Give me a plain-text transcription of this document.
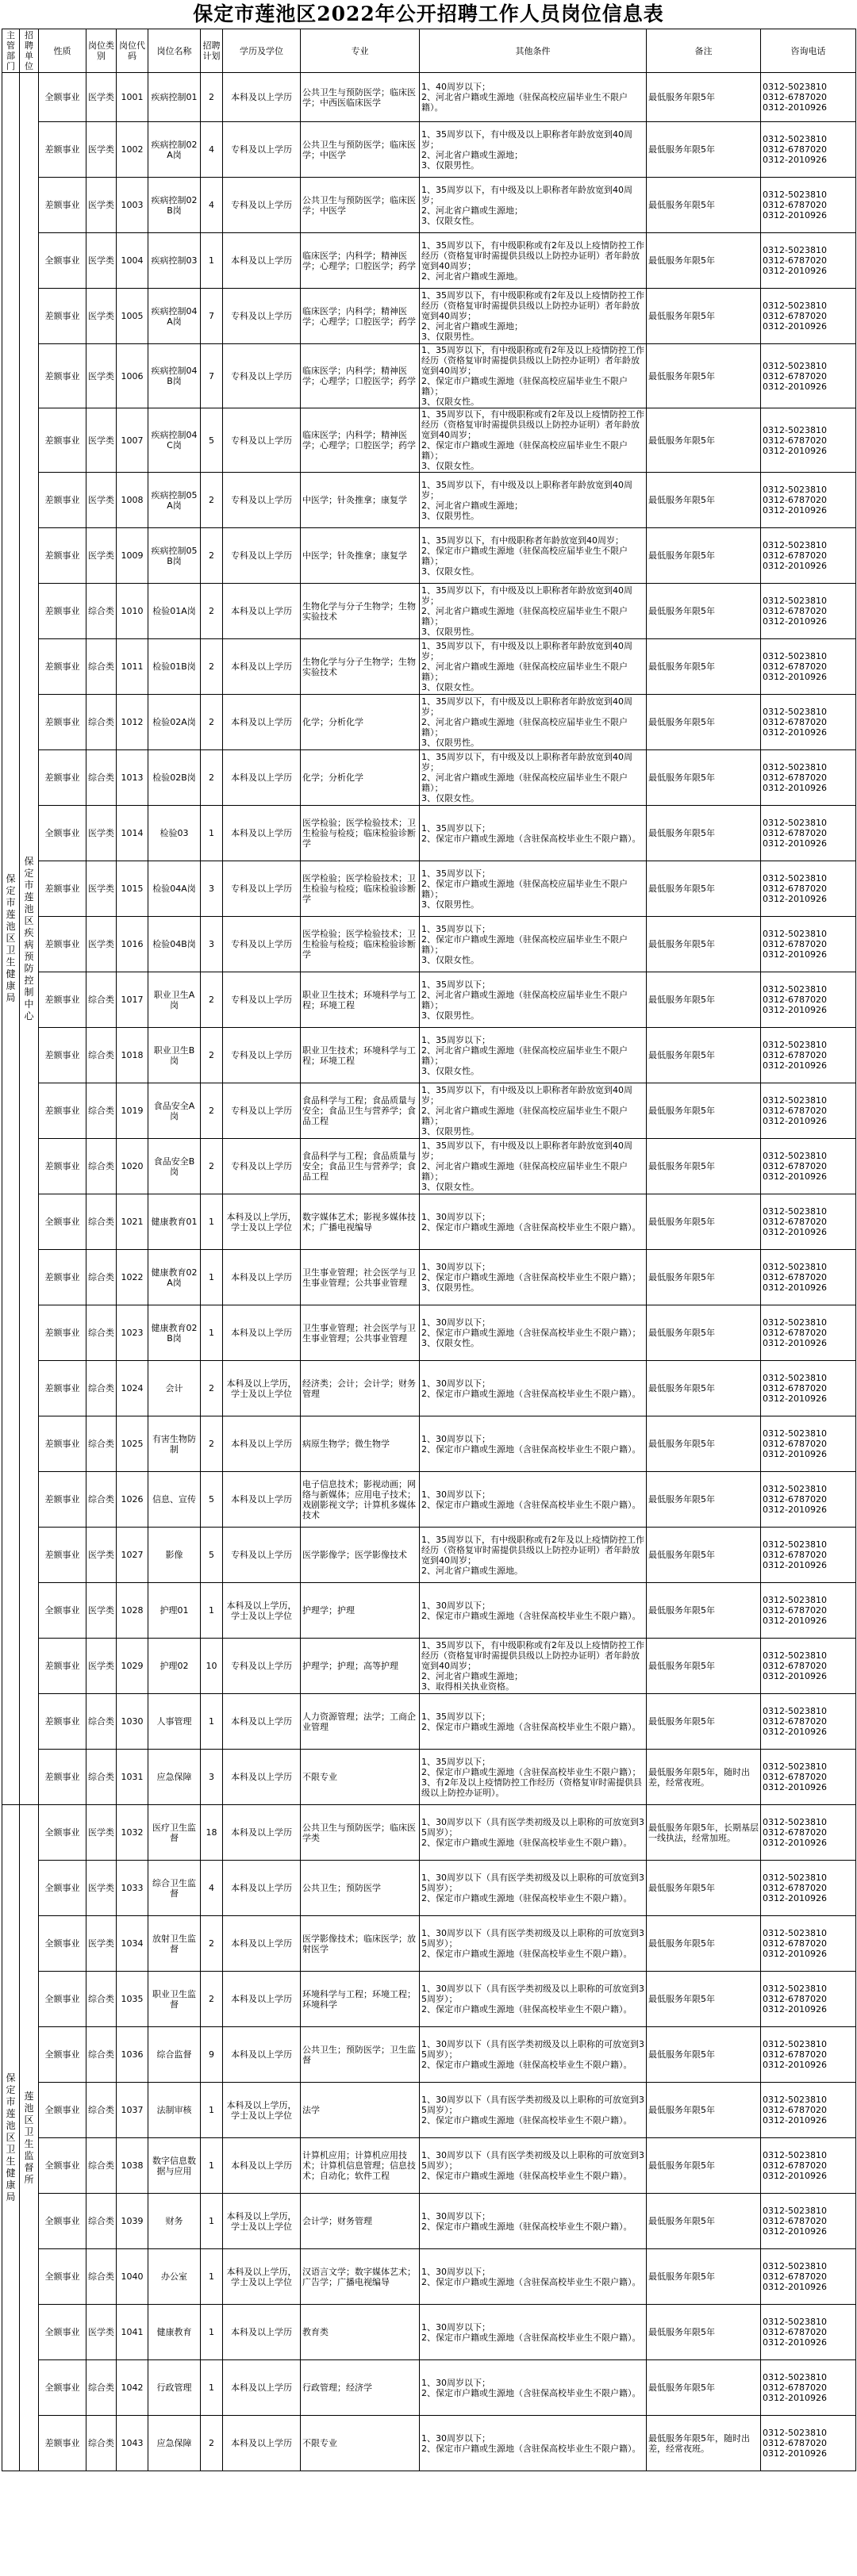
保定市莲池区2022年公开招聘工作人员岗位信息表
主管部门	招聘单位	性质	岗位类别	岗位代码	岗位名称	招聘计划	学历及学位	专业	其他条件	备注	咨询电话
保定市莲池区卫生健康局	保定市莲池区疾病预防控制中心	全额事业	医学类	1001	疾病控制01	2	本科及以上学历	公共卫生与预防医学；临床医学；中西医临床医学	1、40周岁以下；
2、河北省户籍或生源地（驻保高校应届毕业生不限户籍）。	最低服务年限5年	0312-5023810
0312-6787020
0312-2010926
		差额事业	医学类	1002	疾病控制02A岗	4	专科及以上学历	公共卫生与预防医学；临床医学；中医学	1、35周岁以下，有中级及以上职称者年龄放宽到40周岁；
2、河北省户籍或生源地；
3、仅限男性。	最低服务年限5年	0312-5023810
0312-6787020
0312-2010926
		差额事业	医学类	1003	疾病控制02B岗	4	专科及以上学历	公共卫生与预防医学；临床医学；中医学	1、35周岁以下，有中级及以上职称者年龄放宽到40周岁；
2、河北省户籍或生源地；
3、仅限女性。	最低服务年限5年	0312-5023810
0312-6787020
0312-2010926
		全额事业	医学类	1004	疾病控制03	1	本科及以上学历	临床医学；内科学；精神医学；心理学；口腔医学；药学	1、35周岁以下，有中级职称或有2年及以上疫情防控工作经历（资格复审时需提供县级以上防控办证明）者年龄放宽到40周岁；
2、河北省户籍或生源地。	最低服务年限5年	0312-5023810
0312-6787020
0312-2010926
		差额事业	医学类	1005	疾病控制04A岗	7	专科及以上学历	临床医学；内科学；精神医学；心理学；口腔医学；药学	1、35周岁以下，有中级职称或有2年及以上疫情防控工作经历（资格复审时需提供县级以上防控办证明）者年龄放宽到40周岁；
2、河北省户籍或生源地；
3、仅限男性。	最低服务年限5年	0312-5023810
0312-6787020
0312-2010926
		差额事业	医学类	1006	疾病控制04B岗	7	专科及以上学历	临床医学；内科学；精神医学；心理学；口腔医学；药学	1、35周岁以下，有中级职称或有2年及以上疫情防控工作经历（资格复审时需提供县级以上防控办证明）者年龄放宽到40周岁；
2、保定市户籍或生源地（驻保高校应届毕业生不限户籍）；
3、仅限女性。	最低服务年限5年	0312-5023810
0312-6787020
0312-2010926
		差额事业	医学类	1007	疾病控制04C岗	5	专科及以上学历	临床医学；内科学；精神医学；心理学；口腔医学；药学	1、35周岁以下，有中级职称或有2年及以上疫情防控工作经历（资格复审时需提供县级以上防控办证明）者年龄放宽到40周岁；
2、保定市户籍或生源地（驻保高校应届毕业生不限户籍）；
3、仅限女性。	最低服务年限5年	0312-5023810
0312-6787020
0312-2010926
		差额事业	医学类	1008	疾病控制05A岗	2	专科及以上学历	中医学；针灸推拿；康复学	1、35周岁以下，有中级及以上职称者年龄放宽到40周岁；
2、河北省户籍或生源地；
3、仅限男性。	最低服务年限5年	0312-5023810
0312-6787020
0312-2010926
		差额事业	医学类	1009	疾病控制05B岗	2	专科及以上学历	中医学；针灸推拿；康复学	1、35周岁以下，有中级职称者年龄放宽到40周岁；
2、保定市户籍或生源地（驻保高校应届毕业生不限户籍）；
3、仅限女性。	最低服务年限5年	0312-5023810
0312-6787020
0312-2010926
		差额事业	综合类	1010	检验01A岗	2	本科及以上学历	生物化学与分子生物学；生物实验技术	1、35周岁以下，有中级及以上职称者年龄放宽到40周岁；
2、河北省户籍或生源地（驻保高校应届毕业生不限户籍）；
3、仅限男性。	最低服务年限5年	0312-5023810
0312-6787020
0312-2010926
		差额事业	综合类	1011	检验01B岗	2	本科及以上学历	生物化学与分子生物学；生物实验技术	1、35周岁以下，有中级及以上职称者年龄放宽到40周岁；
2、河北省户籍或生源地（驻保高校应届毕业生不限户籍）；
3、仅限女性。	最低服务年限5年	0312-5023810
0312-6787020
0312-2010926
		差额事业	综合类	1012	检验02A岗	2	本科及以上学历	化学；分析化学	1、35周岁以下，有中级及以上职称者年龄放宽到40周岁；
2、河北省户籍或生源地（驻保高校应届毕业生不限户籍）；
3、仅限男性。	最低服务年限5年	0312-5023810
0312-6787020
0312-2010926
		差额事业	综合类	1013	检验02B岗	2	本科及以上学历	化学；分析化学	1、35周岁以下，有中级及以上职称者年龄放宽到40周岁；
2、河北省户籍或生源地（驻保高校应届毕业生不限户籍）；
3、仅限女性。	最低服务年限5年	0312-5023810
0312-6787020
0312-2010926
		全额事业	医学类	1014	检验03	1	本科及以上学历	医学检验；医学检验技术；卫生检验与检疫；临床检验诊断学	1、35周岁以下；
2、保定市户籍或生源地（含驻保高校毕业生不限户籍）。	最低服务年限5年	0312-5023810
0312-6787020
0312-2010926
		差额事业	医学类	1015	检验04A岗	3	专科及以上学历	医学检验；医学检验技术；卫生检验与检疫；临床检验诊断学	1、35周岁以下；
2、保定市户籍或生源地（驻保高校应届毕业生不限户籍）；
3、仅限男性。	最低服务年限5年	0312-5023810
0312-6787020
0312-2010926
		差额事业	医学类	1016	检验04B岗	3	专科及以上学历	医学检验；医学检验技术；卫生检验与检疫；临床检验诊断学	1、35周岁以下；
2、保定市户籍或生源地（驻保高校应届毕业生不限户籍）；
3、仅限女性。	最低服务年限5年	0312-5023810
0312-6787020
0312-2010926
		差额事业	综合类	1017	职业卫生A岗	2	专科及以上学历	职业卫生技术；环境科学与工程；环境工程	1、35周岁以下；
2、河北省户籍或生源地（驻保高校应届毕业生不限户籍）；
3、仅限男性。	最低服务年限5年	0312-5023810
0312-6787020
0312-2010926
		差额事业	综合类	1018	职业卫生B岗	2	专科及以上学历	职业卫生技术；环境科学与工程；环境工程	1、35周岁以下；
2、河北省户籍或生源地（驻保高校应届毕业生不限户籍）；
3、仅限女性。	最低服务年限5年	0312-5023810
0312-6787020
0312-2010926
		差额事业	综合类	1019	食品安全A岗	2	专科及以上学历	食品科学与工程；食品质量与安全；食品卫生与营养学；食品工程	1、35周岁以下，有中级及以上职称者年龄放宽到40周岁；
2、河北省户籍或生源地（驻保高校应届毕业生不限户籍）；
3、仅限男性。	最低服务年限5年	0312-5023810
0312-6787020
0312-2010926
		差额事业	综合类	1020	食品安全B岗	2	专科及以上学历	食品科学与工程；食品质量与安全；食品卫生与营养学；食品工程	1、35周岁以下，有中级及以上职称者年龄放宽到40周岁；
2、河北省户籍或生源地（驻保高校应届毕业生不限户籍）；
3、仅限女性。	最低服务年限5年	0312-5023810
0312-6787020
0312-2010926
		全额事业	综合类	1021	健康教育01	1	本科及以上学历，学士及以上学位	数字媒体艺术；影视多媒体技术；广播电视编导	1、30周岁以下；
2、保定市户籍或生源地（含驻保高校毕业生不限户籍）。	最低服务年限5年	0312-5023810
0312-6787020
0312-2010926
		差额事业	综合类	1022	健康教育02A岗	1	本科及以上学历	卫生事业管理；社会医学与卫生事业管理；公共事业管理	1、30周岁以下；
2、保定市户籍或生源地（含驻保高校毕业生不限户籍）；
3、仅限男性。	最低服务年限5年	0312-5023810
0312-6787020
0312-2010926
		差额事业	综合类	1023	健康教育02B岗	1	本科及以上学历	卫生事业管理；社会医学与卫生事业管理；公共事业管理	1、30周岁以下；
2、保定市户籍或生源地（含驻保高校毕业生不限户籍）；
3、仅限女性。	最低服务年限5年	0312-5023810
0312-6787020
0312-2010926
		差额事业	综合类	1024	会计	2	本科及以上学历，学士及以上学位	经济类；会计；会计学；财务管理	1、30周岁以下；
2、保定市户籍或生源地（含驻保高校毕业生不限户籍）。	最低服务年限5年	0312-5023810
0312-6787020
0312-2010926
		差额事业	综合类	1025	有害生物防制	2	本科及以上学历	病原生物学；微生物学	1、30周岁以下；
2、保定市户籍或生源地（含驻保高校毕业生不限户籍）。	最低服务年限5年	0312-5023810
0312-6787020
0312-2010926
		差额事业	综合类	1026	信息、宣传	5	本科及以上学历	电子信息技术；影视动画；网络与新媒体；应用电子技术；戏剧影视文学；计算机多媒体技术	1、30周岁以下；
2、保定市户籍或生源地（含驻保高校毕业生不限户籍）。	最低服务年限5年	0312-5023810
0312-6787020
0312-2010926
		差额事业	医学类	1027	影像	5	专科及以上学历	医学影像学；医学影像技术	1、35周岁以下，有中级职称或有2年及以上疫情防控工作经历（资格复审时需提供县级以上防控办证明）者年龄放宽到40周岁；
2、河北省户籍或生源地。	最低服务年限5年	0312-5023810
0312-6787020
0312-2010926
		全额事业	医学类	1028	护理01	1	本科及以上学历，学士及以上学位	护理学；护理	1、30周岁以下；
2、保定市户籍或生源地（含驻保高校毕业生不限户籍）。	最低服务年限5年	0312-5023810
0312-6787020
0312-2010926
		差额事业	医学类	1029	护理02	10	专科及以上学历	护理学；护理；高等护理	1、35周岁以下，有中级职称或有2年及以上疫情防控工作经历（资格复审时需提供县级以上防控办证明）者年龄放宽到40周岁；
2、河北省户籍或生源地；
3、取得相关执业资格。	最低服务年限5年	0312-5023810
0312-6787020
0312-2010926
		差额事业	综合类	1030	人事管理	1	本科及以上学历	人力资源管理；法学；工商企业管理	1、35周岁以下；
2、保定市户籍或生源地（含驻保高校毕业生不限户籍）。	最低服务年限5年	0312-5023810
0312-6787020
0312-2010926
		差额事业	综合类	1031	应急保障	3	本科及以上学历	不限专业	1、35周岁以下；
2、保定市户籍或生源地（含驻保高校毕业生不限户籍）；
3、有2年及以上疫情防控工作经历（资格复审时需提供县级以上防控办证明）。	最低服务年限5年，随时出差，经常夜班。	0312-5023810
0312-6787020
0312-2010926
保定市莲池区卫生健康局	莲池区卫生监督所	全额事业	医学类	1032	医疗卫生监督	18	本科及以上学历	公共卫生与预防医学；临床医学类	1、30周岁以下（具有医学类初级及以上职称的可放宽到35周岁）；
2、保定市户籍或生源地（驻保高校毕业生不限户籍）。	最低服务年限5年，长期基层一线执法，经常加班。	0312-5023810
0312-6787020
0312-2010926
		全额事业	医学类	1033	综合卫生监督	4	本科及以上学历	公共卫生；预防医学	1、30周岁以下（具有医学类初级及以上职称的可放宽到35周岁）；
2、保定市户籍或生源地（驻保高校毕业生不限户籍）。	最低服务年限5年	0312-5023810
0312-6787020
0312-2010926
		全额事业	医学类	1034	放射卫生监督	2	本科及以上学历	医学影像技术；临床医学；放射医学	1、30周岁以下（具有医学类初级及以上职称的可放宽到35周岁）；
2、保定市户籍或生源地（驻保高校毕业生不限户籍）。	最低服务年限5年	0312-5023810
0312-6787020
0312-2010926
		全额事业	综合类	1035	职业卫生监督	2	本科及以上学历	环境科学与工程；环境工程；环境科学	1、30周岁以下（具有医学类初级及以上职称的可放宽到35周岁）；
2、保定市户籍或生源地（驻保高校毕业生不限户籍）。	最低服务年限5年	0312-5023810
0312-6787020
0312-2010926
		全额事业	综合类	1036	综合监督	9	本科及以上学历	公共卫生；预防医学；卫生监督	1、30周岁以下（具有医学类初级及以上职称的可放宽到35周岁）；
2、保定市户籍或生源地（驻保高校毕业生不限户籍）。	最低服务年限5年	0312-5023810
0312-6787020
0312-2010926
		全额事业	综合类	1037	法制审核	1	本科及以上学历，学士及以上学位	法学	1、30周岁以下（具有医学类初级及以上职称的可放宽到35周岁）；
2、保定市户籍或生源地（驻保高校毕业生不限户籍）。	最低服务年限5年	0312-5023810
0312-6787020
0312-2010926
		全额事业	综合类	1038	数字信息数据与应用	1	本科及以上学历	计算机应用；计算机应用技术；计算机信息管理；信息技术；自动化；软件工程	1、30周岁以下（具有医学类初级及以上职称的可放宽到35周岁）；
2、保定市户籍或生源地（驻保高校毕业生不限户籍）。	最低服务年限5年	0312-5023810
0312-6787020
0312-2010926
		全额事业	综合类	1039	财务	1	本科及以上学历，学士及以上学位	会计学；财务管理	1、30周岁以下；
2、保定市户籍或生源地（驻保高校毕业生不限户籍）。	最低服务年限5年	0312-5023810
0312-6787020
0312-2010926
		全额事业	综合类	1040	办公室	1	本科及以上学历，学士及以上学位	汉语言文学；数字媒体艺术；广告学；广播电视编导	1、30周岁以下；
2、保定市户籍或生源地（含驻保高校毕业生不限户籍）。	最低服务年限5年	0312-5023810
0312-6787020
0312-2010926
		全额事业	医学类	1041	健康教育	1	本科及以上学历	教育类	1、30周岁以下；
2、保定市户籍或生源地（含驻保高校毕业生不限户籍）。	最低服务年限5年	0312-5023810
0312-6787020
0312-2010926
		全额事业	综合类	1042	行政管理	1	本科及以上学历	行政管理；经济学	1、30周岁以下；
2、保定市户籍或生源地（含驻保高校毕业生不限户籍）。	最低服务年限5年	0312-5023810
0312-6787020
0312-2010926
		差额事业	综合类	1043	应急保障	2	本科及以上学历	不限专业	1、30周岁以下；
2、保定市户籍或生源地（含驻保高校毕业生不限户籍）。	最低服务年限5年，随时出差，经常夜班。	0312-5023810
0312-6787020
0312-2010926
